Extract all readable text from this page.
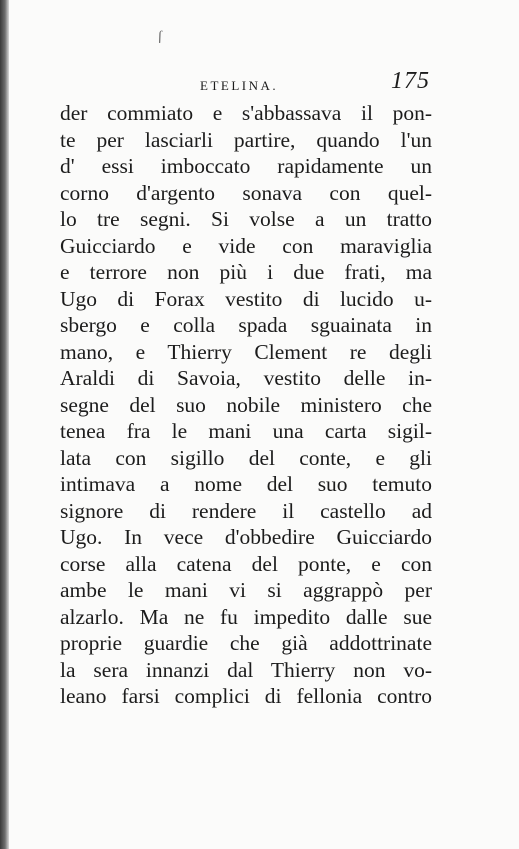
ſ
ETELINA.	175
der commiato e s'abbassava il pon-
te per lasciarli partire, quando l'un
d' essi imboccato rapidamente un
corno d'argento sonava con quel-
lo tre segni. Si volse a un tratto
Guicciardo e vide con maraviglia
e terrore non più i due frati, ma
Ugo di Forax vestito di lucido u-
sbergo e colla spada sguainata in
mano, e Thierry Clement re degli
Araldi di Savoia, vestito delle in-
segne del suo nobile ministero che
tenea fra le mani una carta sigil-
lata con sigillo del conte, e gli
intimava a nome del suo temuto
signore di rendere il castello ad
Ugo. In vece d'obbedire Guicciardo
corse alla catena del ponte, e con
ambe le mani vi si aggrappò per
alzarlo. Ma ne fu impedito dalle sue
proprie guardie che già addottrinate
la sera innanzi dal Thierry non vo-
leano farsi complici di fellonia contro
